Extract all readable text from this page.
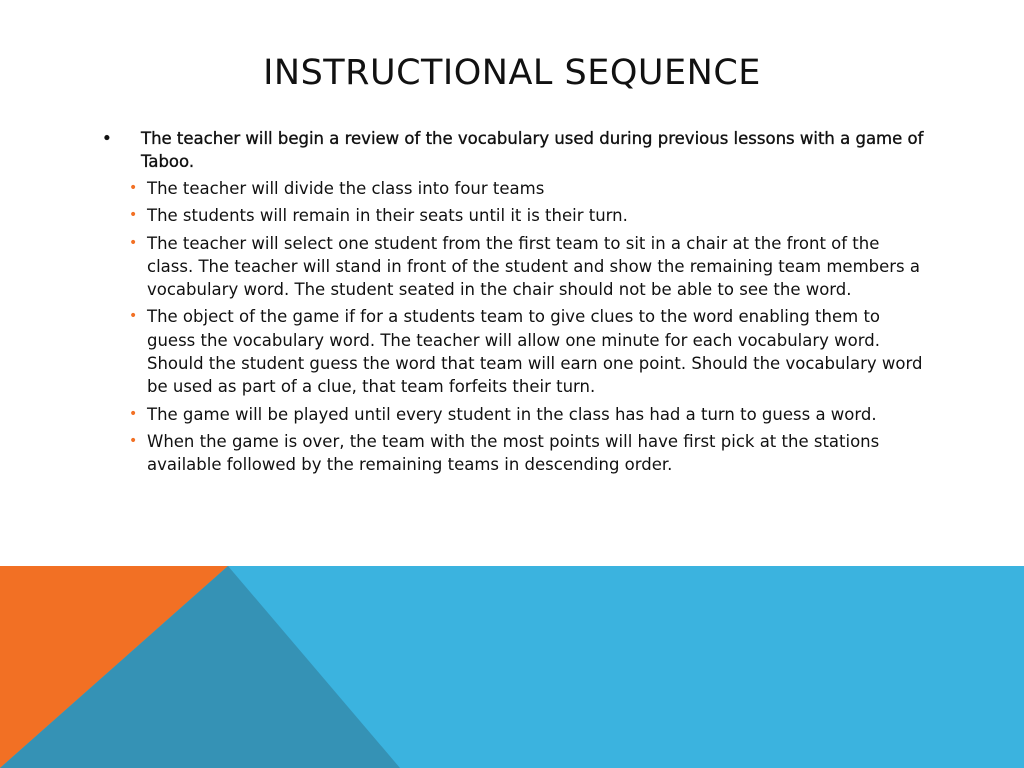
INSTRUCTIONAL SEQUENCE
• The teacher will begin a review of the vocabulary used during previous lessons with a game of Taboo.
• The teacher will divide the class into four teams
• The students will remain in their seats until it is their turn.
• The teacher will select one student from the first team to sit in a chair at the front of the class. The teacher will stand in front of the student and show the remaining team members a vocabulary word. The student seated in the chair should not be able to see the word.
• The object of the game if for a students team to give clues to the word enabling them to guess the vocabulary word. The teacher will allow one minute for each vocabulary word. Should the student guess the word that team will earn one point. Should the vocabulary word be used as part of a clue, that team forfeits their turn.
• The game will be played until every student in the class has had a turn to guess a word.
• When the game is over, the team with the most points will have first pick at the stations available followed by the remaining teams in descending order.
